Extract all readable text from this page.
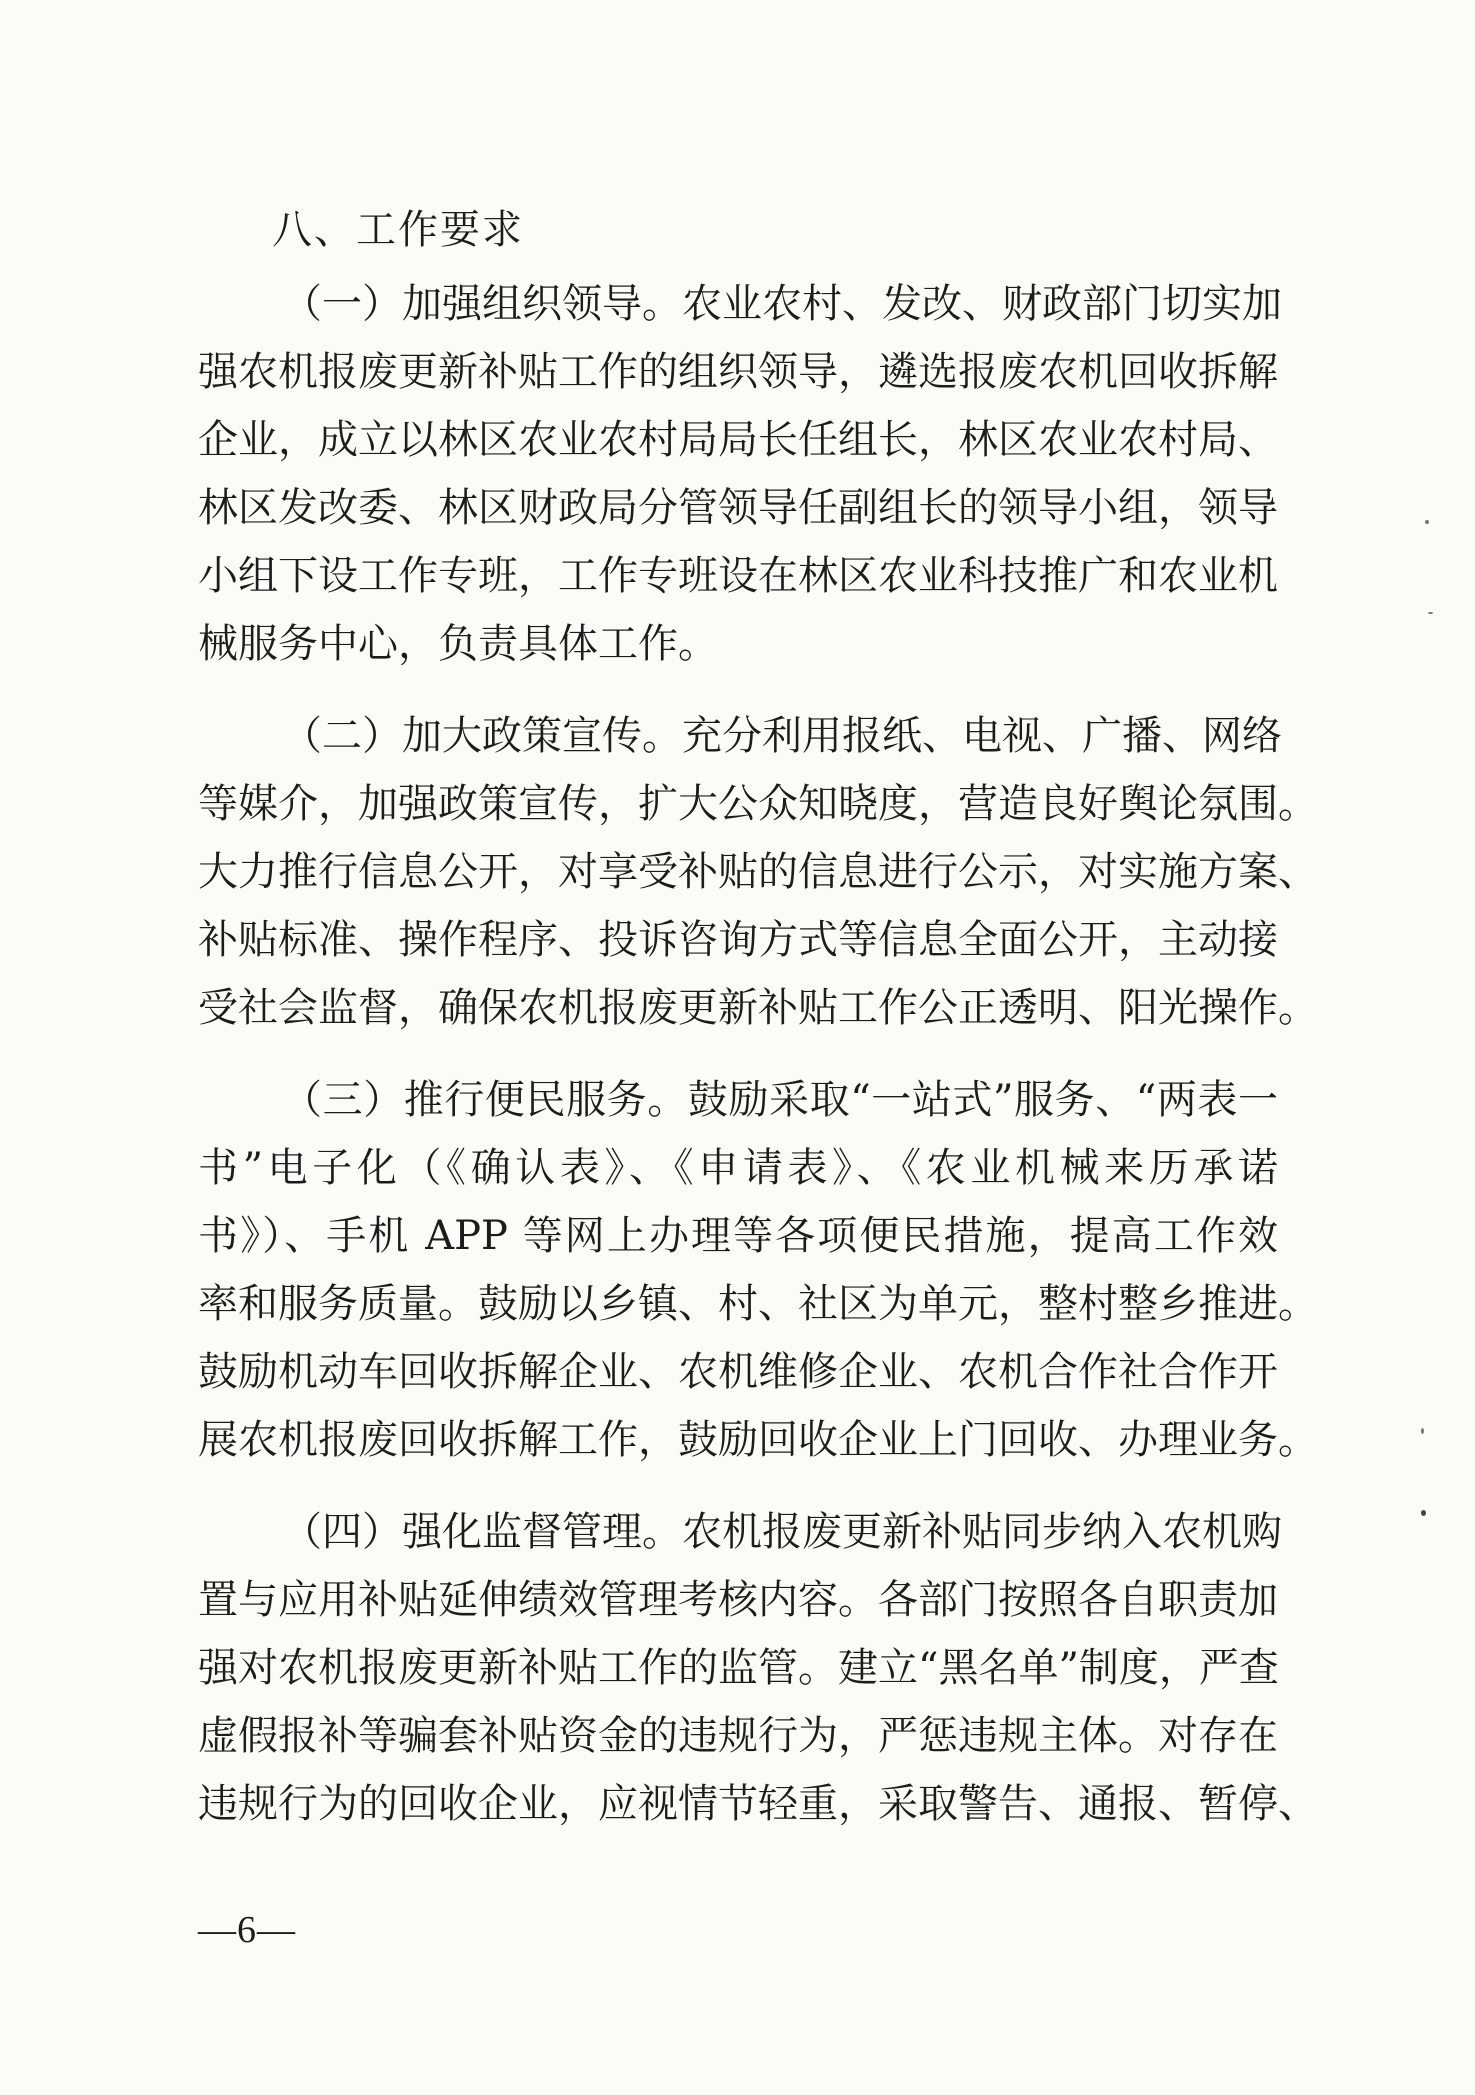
八、工作要求

（一）加强组织领导。农业农村、发改、财政部门切实加

强农机报废更新补贴工作的组织领导，遴选报废农机回收拆解

企业，成立以林区农业农村局局长任组长，林区农业农村局、

林区发改委、林区财政局分管领导任副组长的领导小组，领导

小组下设工作专班，工作专班设在林区农业科技推广和农业机

械服务中心，负责具体工作。

（二）加大政策宣传。充分利用报纸、电视、广播、网络

等媒介，加强政策宣传，扩大公众知晓度，营造良好舆论氛围。

大力推行信息公开，对享受补贴的信息进行公示，对实施方案、

补贴标准、操作程序、投诉咨询方式等信息全面公开，主动接

受社会监督，确保农机报废更新补贴工作公正透明、阳光操作。

（三）推行便民服务。鼓励采取“一站式”服务、“两表一

书”电子化（《确认表》、《申请表》、《农业机械来历承诺

书》）、手机 APP 等网上办理等各项便民措施，提高工作效

率和服务质量。鼓励以乡镇、村、社区为单元，整村整乡推进。

鼓励机动车回收拆解企业、农机维修企业、农机合作社合作开

展农机报废回收拆解工作，鼓励回收企业上门回收、办理业务。

（四）强化监督管理。农机报废更新补贴同步纳入农机购

置与应用补贴延伸绩效管理考核内容。各部门按照各自职责加

强对农机报废更新补贴工作的监管。建立“黑名单”制度，严查

虚假报补等骗套补贴资金的违规行为，严惩违规主体。对存在

违规行为的回收企业，应视情节轻重，采取警告、通报、暂停、

—6—
